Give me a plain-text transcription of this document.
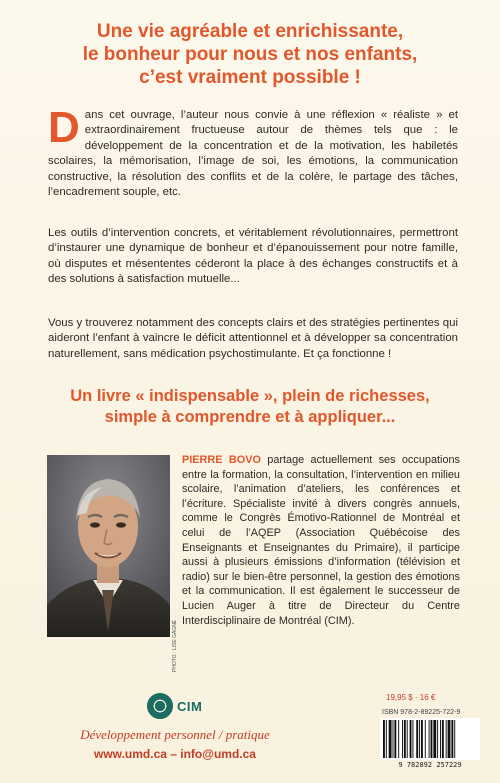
Une vie agréable et enrichissante,
le bonheur pour nous et nos enfants,
c’est vraiment possible !
D ans cet ouvrage, l’auteur nous convie à une réflexion « réaliste » et extraordinairement fructueuse autour de thèmes tels que : le développement de la concentration et de la motivation, les habiletés scolaires, la mémorisation, l’image de soi, les émotions, la communication constructive, la résolution des conflits et de la colère, le partage des tâches, l’encadrement souple, etc.
Les outils d’intervention concrets, et véritablement révolutionnaires, permettront d’instaurer une dynamique de bonheur et d’épanouissement pour notre famille, où disputes et mésententes céderont la place à des échanges constructifs et à des solutions à satisfaction mutuelle...
Vous y trouverez notamment des concepts clairs et des stratégies pertinentes qui aideront l’enfant à vaincre le déficit attentionnel et à développer sa concentration naturellement, sans médication psychostimulante. Et ça fonctionne !
Un livre « indispensable », plein de richesses,
simple à comprendre et à appliquer...
PHOTO : LISE GAGNÉ
PIERRE BOVO partage actuellement ses occupations entre la formation, la consultation, l’intervention en milieu scolaire, l’animation d’ateliers, les conférences et l’écriture. Spécialiste invité à divers congrès annuels, comme le Congrès Émotivo-Rationnel de Montréal et celui de l’AQEP (Association Québécoise des Enseignants et Enseignantes du Primaire), il participe aussi à plusieurs émissions d’information (télévision et radio) sur le bien-être personnel, la gestion des émotions et la communication. Il est également le successeur de Lucien Auger à titre de Directeur du Centre Interdisciplinaire de Montréal (CIM).
CIM
Développement personnel / pratique
www.umd.ca – info@umd.ca
19,95 $ · 16 €
ISBN 978-2-89225-722-9
9 782892 257229
